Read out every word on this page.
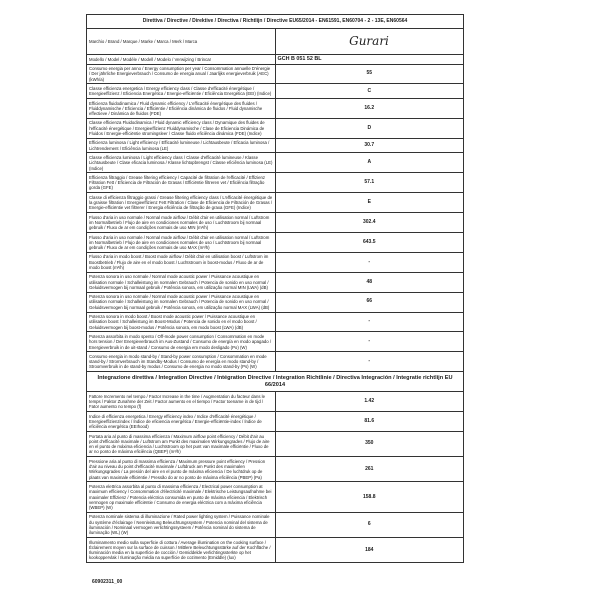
Direttiva / Directive / Direktive / Directiva / Richtlijn / Directive EU65/2014 - EN61591, EN60704 - 2 - 13E, EN60564	
Marchio / Brand / Marque / Marke / Marca / Merk / Marca	Gurari

Modello / Model / Modèle / Modell / Modelo / Verwijzing / Brincar	GCH B 051 52 BL
Consumo energia per anno / Energy consumption per year / Consommation annuelle D'énergie / Der jährliche Energieverbrauch / Consumo de energia anual / Jaarlijks energieverbruik (AEC) (kWh/a)	55
Classe efficienza energetica / Energy efficiency class / Classe d'efficacité énergétique / Energieeffizienz / Eficiencia Energética / Energie-efficiëntie / Eficiência Energética (EEI) (Indice)	C
Efficienza fluidodinamica / Fluid dynamic efficiency / L'efficacité énergétique des fluides / Fluiddynamische / Eficiencia / Efficiëntie / Eficiência dinámica de fluidos / Fluid dynamische effectieve / Dinámica de fluidos (FDE)	16.2
Classe efficienza Fluidodinamica / Fluid dynamic efficiency class / Dynamique des fluides de l'efficacité énergétique / Energieeffizienz Fluiddynamische / Clase de Eficiencia Dinámica de Fluidos / Energie-efficiëntie stromingsleer / Classe fluido eficiência dinámica (FDE) (Indice)	D
Efficienza luminosa / Light efficiency / Efficacité lumineuse / Lichtausbeute / Eficacia luminosa / Lichtrendement / Eficiência luminosa (LE)	30.7
Classe efficienza luminosa / Light efficiency class / Classe d'efficacité lumineuse / Klasse Lichtausbeute / Clase eficacia luminosa / Klasse lichtopbrengst / Classe eficiência luminosa (LE) (Indice)	A
Efficienza filtraggio / Grease filtering efficiency / Capacité de filtration de l'efficacité / Effizienz Filtration Fett / Eficiencia de Filtración de Grasas / Efficiëntie filtreren vet / Eficiência filtração gorda (GFE)	57.1
Classe di efficienza filtraggio grassi / Grease filtering efficiency class / L'efficacité énergétique de la graisse filtration / Energieeffizienz Fett Filtration / Clase de Eficiencia de Filtración de Grasas / Energie-efficiëntie vet filtrerer / Energia eficiência de filtração de graxa (GFE) (Indice)	E
Flusso d'aria in uso normale / Normal mode airflow / Débit d'air en utilisation normal / Luftstrom im Normalbetrieb / Flujo de aire en condiciones normales de uso / Luchtstroom bij normaal gebruik / Fluxo de ar em condições normais de uso MIN (m³/h)	302.4
Flusso d'aria in uso normale / Normal mode airflow / Débit d'air en utilisation normal / Luftstrom im Normalbetrieb / Flujo de aire en condiciones normales de uso / Luchtstroom bij normaal gebruik / Fluxo de ar em condições normais de uso MAX (m³/h)	643.5
Flusso d'aria in modo boost / Boost mode airflow / Débit d'air en utilisation boost / Luftstrom im Boostbetrieb / Flujo de aire en el modo boost / Luchtstroom in boost-modus / Fluxo de ar de modo boost (m³/h)	-
Potenza sonora in uso normale / Normal mode acoustic power / Puissance acoustique en utilisation normale / Schalleistung im normalen Gebrauch / Potencia de sonido en uso normal / Geluidsvermogen bij normaal gebruik / Potência sonora, em utilização normal MIN (LWA) (dB)	48
Potenza sonora in uso normale / Normal mode acoustic power / Puissance acoustique en utilisation normale / Schalleistung im normalen Gebrauch / Potencia de sonido en uso normal / Geluidsvermogen bij normaal gebruik / Potência sonora, em utilização normal MAX (LWA) (dB)	66
Potenza sonora in modo boost / Boost mode acoustic power / Puissance acoustique en utilisation boost / Schalleistung im Boost-Modus / Potencia de sonido en el modo boost / Geluidsvermogen bij boost-modus / Potência sonora, em modo boost (LWA) (dB)	-
Potenza assorbita in modo spento / Off-mode power consumption / Consommation en mode hors tension / Der Energieverbrauch im Aus-Zustand / Consumo de energía en modo apagado / Energieverbruik in de uit-stand / Consumo de energia em modo desligado (Po) (W)	-
Consumo energia in modo stand-by / Stand-by power consumption / Consommation en mode stand-by / Stromverbrauch im Standby-Modus / Consumo de energía en modo stand-by / Stroomverbruik in de stand-by modus / Consumo de energia no modo stand-by (Ps) (W)	-
Integrazione direttiva / Integration Directive / Intégration Directive / Integration Richtlinie / Directiva Integración / Integratie richtlijn EU 66/2014	
Fattore Incremento nel tempo / Factor Increase in the time / Augmentation du facteur dans le temps / Faktor Zunahme der Zeit / Factor aumento en el tiempo / Factor toename in de tijd / Fator aumento no tempo (f)	1.42
Indice di efficienza energetica / Energy efficiency index / Indice d'efficacité énergétique / Energieeffizienzindex / Índice de eficiencia energética / Energie-efficiëntie-index / Índice de eficiência energética (EEIhood)	81.6
Portata aria al punto di massima efficienza / Maximum airflow point efficiency / Débit d'air au point d'efficacité maximale / Luftstrom am Punkt des maximalen Wirkungsgrades / Flujo de aire en el punto de máxima eficiencia / Luchtstroom op het punt van maximale efficiëntie / Fluxo de ar no ponto de máxima eficiência (QBEP) (m³/h)	350
Pressione aria al punto di massima efficienza / Maximum pressure point efficiency / Pression d'air au niveau du point d'efficacité maximale / Luftdruck am Punkt des maximalen Wirkungsgrades / La presión del aire en el punto de máxima eficiencia / De luchtdruk op de plaats van maximale efficiëntie / Pressão do ar no ponto de máxima eficiência (PBEP) (Pa)	261
Potenza elettrica assorbita al punto di massima efficienza / Electrical power consumption at maximum efficiency / Consommation d'électricité maximale / Elektrische Leistungsaufnahme bei maximaler Effizienz / Potencia eléctrica consumida en punto de máxima eficiencia / Elektrisch vermogen op maximale efficiëntie / Consumo de energia eléctrica com a máxima eficiência (WBEP) (W)	158.8
Potenza nominale sistema di illuminazione / Rated power lighting system / Puissance nominale du système d'éclairage / Nennleistung Beleuchtungssystem / Potencia nominal del sistema de iluminación / Nominaal vermogen verlichtingssysteem / Potência nominal do sistema de iluminação (WL) (W)	6
Illuminamento medio sulla superficie di cottura / Average illumination on the cooking surface / Éclairement moyen sur la surface de cuisson / Mittlere Beleuchtungsstärke auf der Kochfläche / Iluminación media en la superficie de cocción / Gemiddelde verlichtingssterkte op het kookoppervlak / Iluminação média na superfície de cozimento (Emiddle) (lux)	184
60902311_00
